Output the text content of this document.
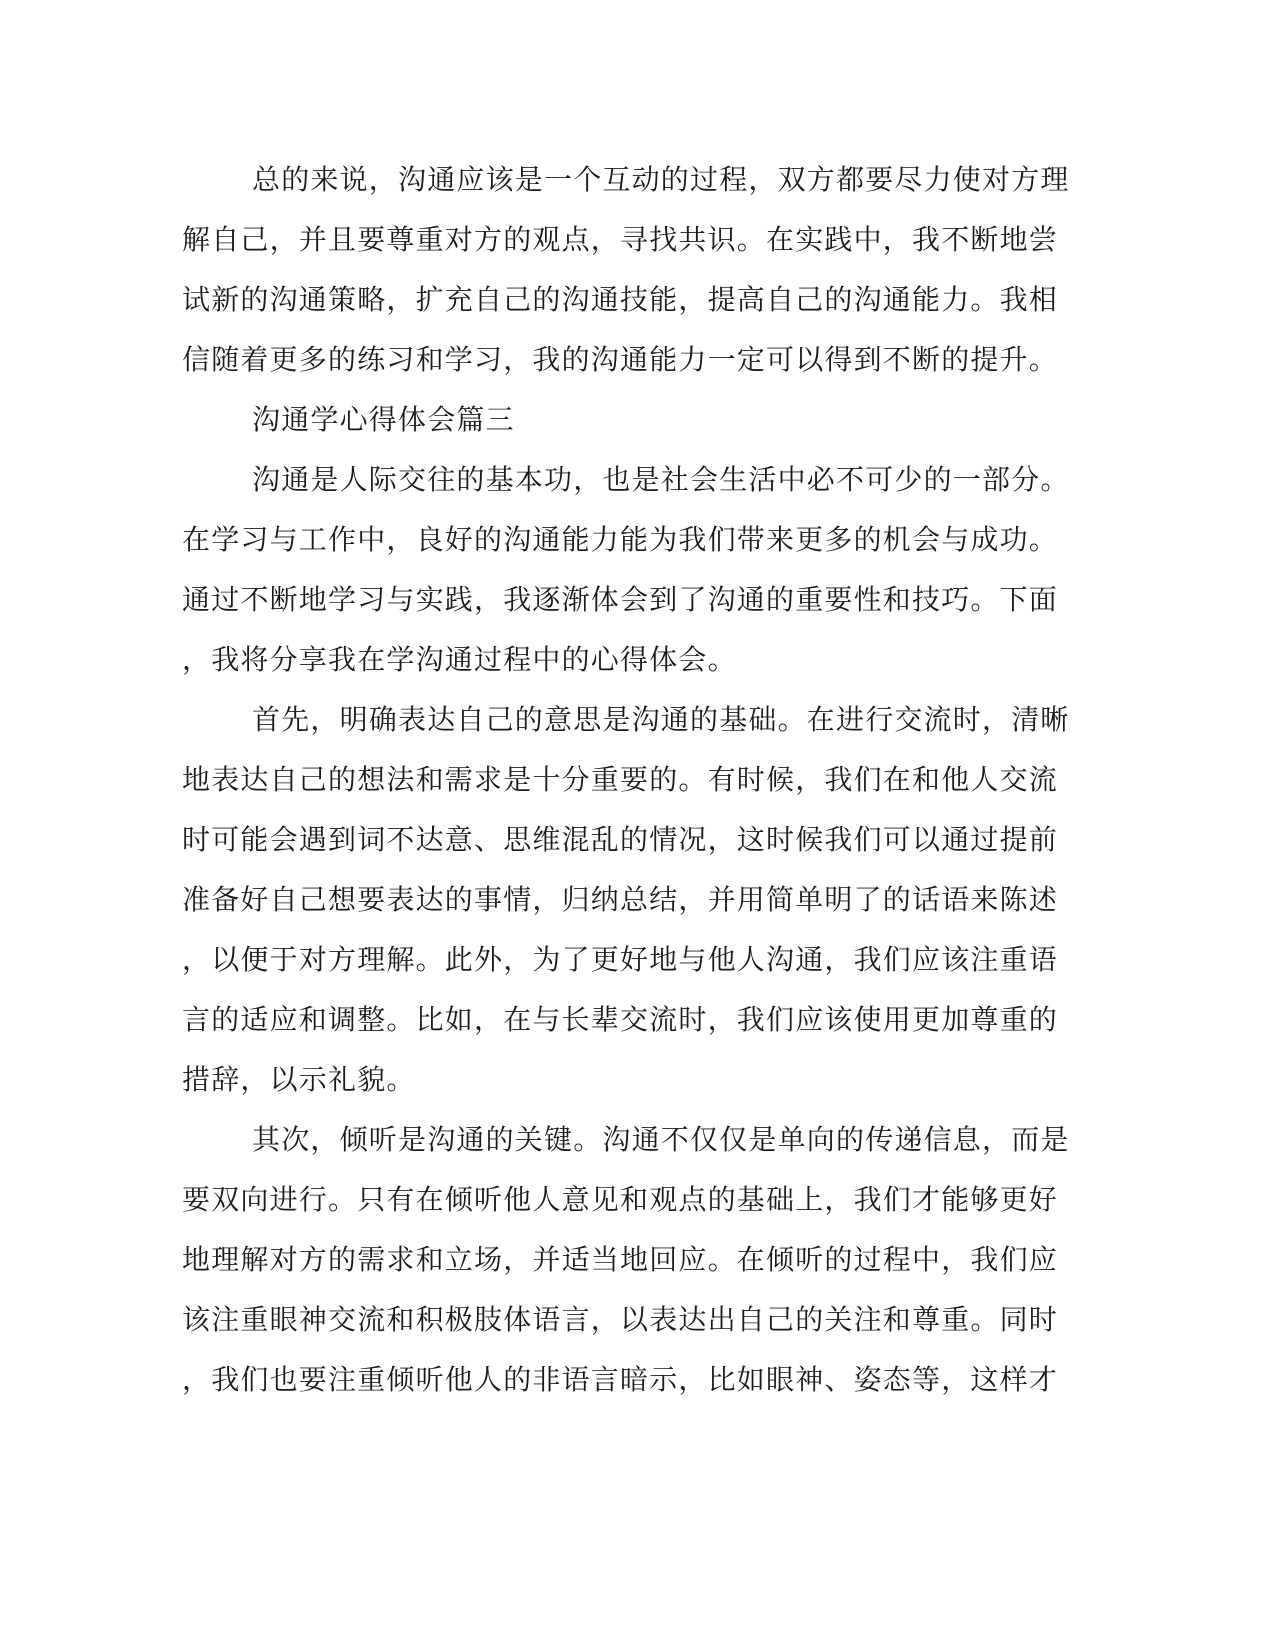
总的来说，沟通应该是一个互动的过程，双方都要尽力使对方理
解自己，并且要尊重对方的观点，寻找共识。在实践中，我不断地尝
试新的沟通策略，扩充自己的沟通技能，提高自己的沟通能力。我相
信随着更多的练习和学习，我的沟通能力一定可以得到不断的提升。
沟通学心得体会篇三
沟通是人际交往的基本功，也是社会生活中必不可少的一部分。
在学习与工作中，良好的沟通能力能为我们带来更多的机会与成功。
通过不断地学习与实践，我逐渐体会到了沟通的重要性和技巧。下面
，我将分享我在学沟通过程中的心得体会。
首先，明确表达自己的意思是沟通的基础。在进行交流时，清晰
地表达自己的想法和需求是十分重要的。有时候，我们在和他人交流
时可能会遇到词不达意、思维混乱的情况，这时候我们可以通过提前
准备好自己想要表达的事情，归纳总结，并用简单明了的话语来陈述
，以便于对方理解。此外，为了更好地与他人沟通，我们应该注重语
言的适应和调整。比如，在与长辈交流时，我们应该使用更加尊重的
措辞，以示礼貌。
其次，倾听是沟通的关键。沟通不仅仅是单向的传递信息，而是
要双向进行。只有在倾听他人意见和观点的基础上，我们才能够更好
地理解对方的需求和立场，并适当地回应。在倾听的过程中，我们应
该注重眼神交流和积极肢体语言，以表达出自己的关注和尊重。同时
，我们也要注重倾听他人的非语言暗示，比如眼神、姿态等，这样才
